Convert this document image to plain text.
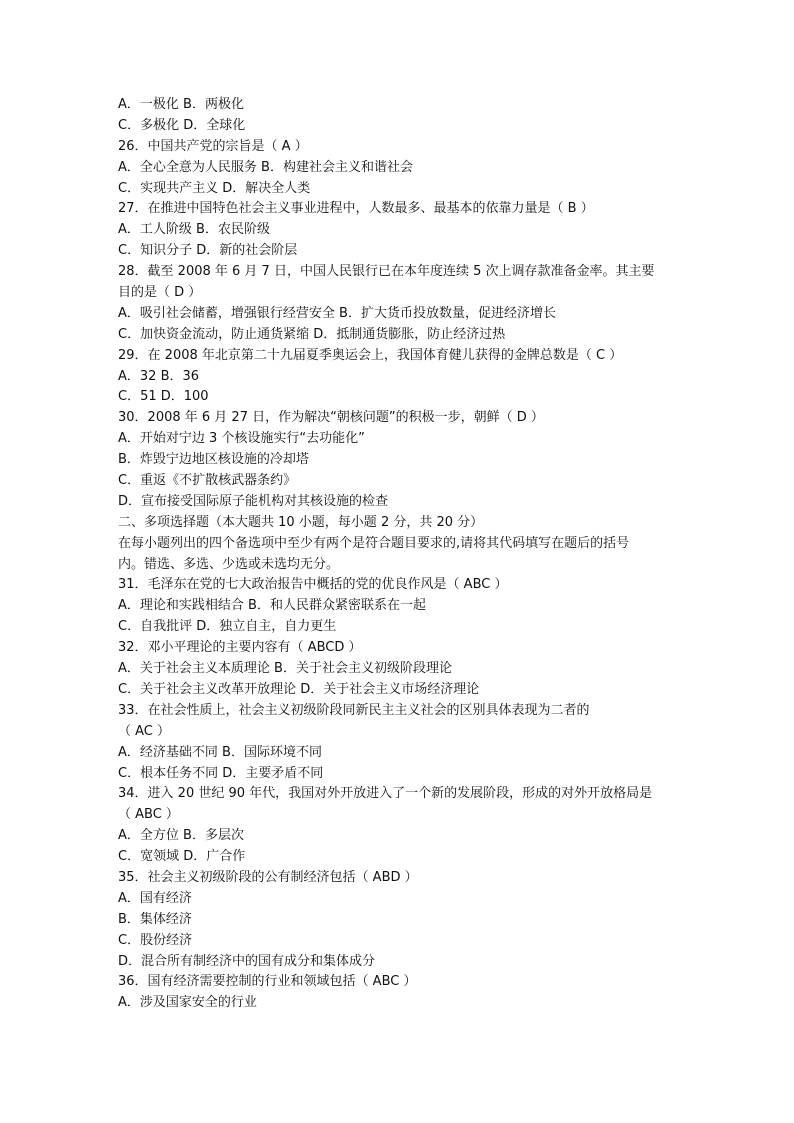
A．一极化 B．两极化
C．多极化 D．全球化
26．中国共产党的宗旨是（ A ）
A．全心全意为人民服务 B．构建社会主义和谐社会
C．实现共产主义 D．解决全人类
27．在推进中国特色社会主义事业进程中，人数最多、最基本的依靠力量是（ B ）
A．工人阶级 B．农民阶级
C．知识分子 D．新的社会阶层
28．截至 2008 年 6 月 7 日，中国人民银行已在本年度连续 5 次上调存款准备金率。其主要
目的是（ D ）
A．吸引社会储蓄，增强银行经营安全 B．扩大货币投放数量，促进经济增长
C．加快资金流动，防止通货紧缩 D．抵制通货膨胀，防止经济过热
29．在 2008 年北京第二十九届夏季奥运会上，我国体育健儿获得的金牌总数是（ C ）
A．32 B．36
C．51 D．100
30．2008 年 6 月 27 日，作为解决“朝核问题”的积极一步，朝鲜（ D ）
A．开始对宁边 3 个核设施实行“去功能化”
B．炸毁宁边地区核设施的冷却塔
C．重返《不扩散核武器条约》
D．宣布接受国际原子能机构对其核设施的检查
二、多项选择题（本大题共 10 小题，每小题 2 分，共 20 分）
在每小题列出的四个备选项中至少有两个是符合题目要求的,请将其代码填写在题后的括号
内。错选、多选、少选或未选均无分。
31．毛泽东在党的七大政治报告中概括的党的优良作风是（ ABC ）
A．理论和实践相结合 B．和人民群众紧密联系在一起
C．自我批评 D．独立自主，自力更生
32．邓小平理论的主要内容有（ ABCD ）
A．关于社会主义本质理论 B．关于社会主义初级阶段理论
C．关于社会主义改革开放理论 D．关于社会主义市场经济理论
33．在社会性质上，社会主义初级阶段同新民主主义社会的区别具体表现为二者的
（ AC ）
A．经济基础不同 B．国际环境不同
C．根本任务不同 D．主要矛盾不同
34．进入 20 世纪 90 年代，我国对外开放进入了一个新的发展阶段，形成的对外开放格局是
（ ABC ）
A．全方位 B．多层次
C．宽领域 D．广合作
35．社会主义初级阶段的公有制经济包括（ ABD ）
A．国有经济
B．集体经济
C．股份经济
D．混合所有制经济中的国有成分和集体成分
36．国有经济需要控制的行业和领域包括（ ABC ）
A．涉及国家安全的行业
